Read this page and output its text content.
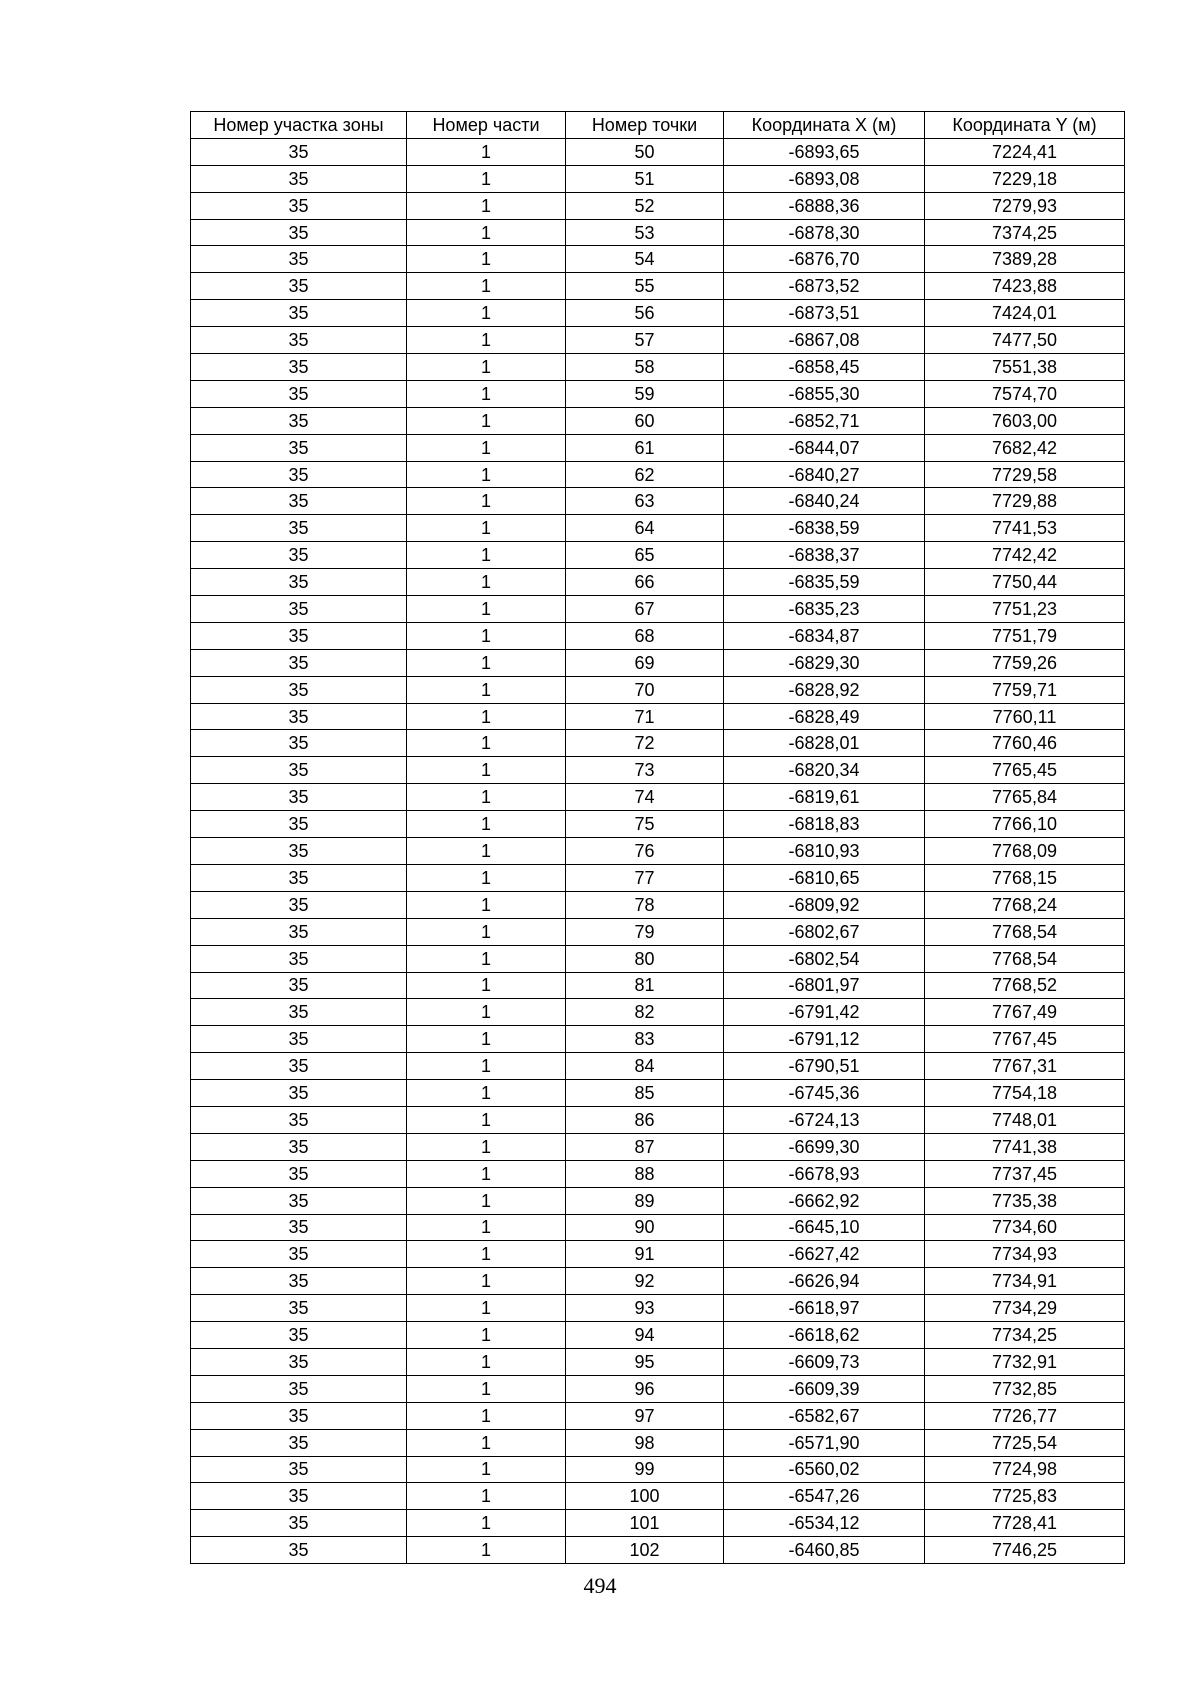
Номер участка зоны	Номер части	Номер точки	Координата X (м)	Координата Y (м)
35	1	50	-6893,65	7224,41
35	1	51	-6893,08	7229,18
35	1	52	-6888,36	7279,93
35	1	53	-6878,30	7374,25
35	1	54	-6876,70	7389,28
35	1	55	-6873,52	7423,88
35	1	56	-6873,51	7424,01
35	1	57	-6867,08	7477,50
35	1	58	-6858,45	7551,38
35	1	59	-6855,30	7574,70
35	1	60	-6852,71	7603,00
35	1	61	-6844,07	7682,42
35	1	62	-6840,27	7729,58
35	1	63	-6840,24	7729,88
35	1	64	-6838,59	7741,53
35	1	65	-6838,37	7742,42
35	1	66	-6835,59	7750,44
35	1	67	-6835,23	7751,23
35	1	68	-6834,87	7751,79
35	1	69	-6829,30	7759,26
35	1	70	-6828,92	7759,71
35	1	71	-6828,49	7760,11
35	1	72	-6828,01	7760,46
35	1	73	-6820,34	7765,45
35	1	74	-6819,61	7765,84
35	1	75	-6818,83	7766,10
35	1	76	-6810,93	7768,09
35	1	77	-6810,65	7768,15
35	1	78	-6809,92	7768,24
35	1	79	-6802,67	7768,54
35	1	80	-6802,54	7768,54
35	1	81	-6801,97	7768,52
35	1	82	-6791,42	7767,49
35	1	83	-6791,12	7767,45
35	1	84	-6790,51	7767,31
35	1	85	-6745,36	7754,18
35	1	86	-6724,13	7748,01
35	1	87	-6699,30	7741,38
35	1	88	-6678,93	7737,45
35	1	89	-6662,92	7735,38
35	1	90	-6645,10	7734,60
35	1	91	-6627,42	7734,93
35	1	92	-6626,94	7734,91
35	1	93	-6618,97	7734,29
35	1	94	-6618,62	7734,25
35	1	95	-6609,73	7732,91
35	1	96	-6609,39	7732,85
35	1	97	-6582,67	7726,77
35	1	98	-6571,90	7725,54
35	1	99	-6560,02	7724,98
35	1	100	-6547,26	7725,83
35	1	101	-6534,12	7728,41
35	1	102	-6460,85	7746,25
494
